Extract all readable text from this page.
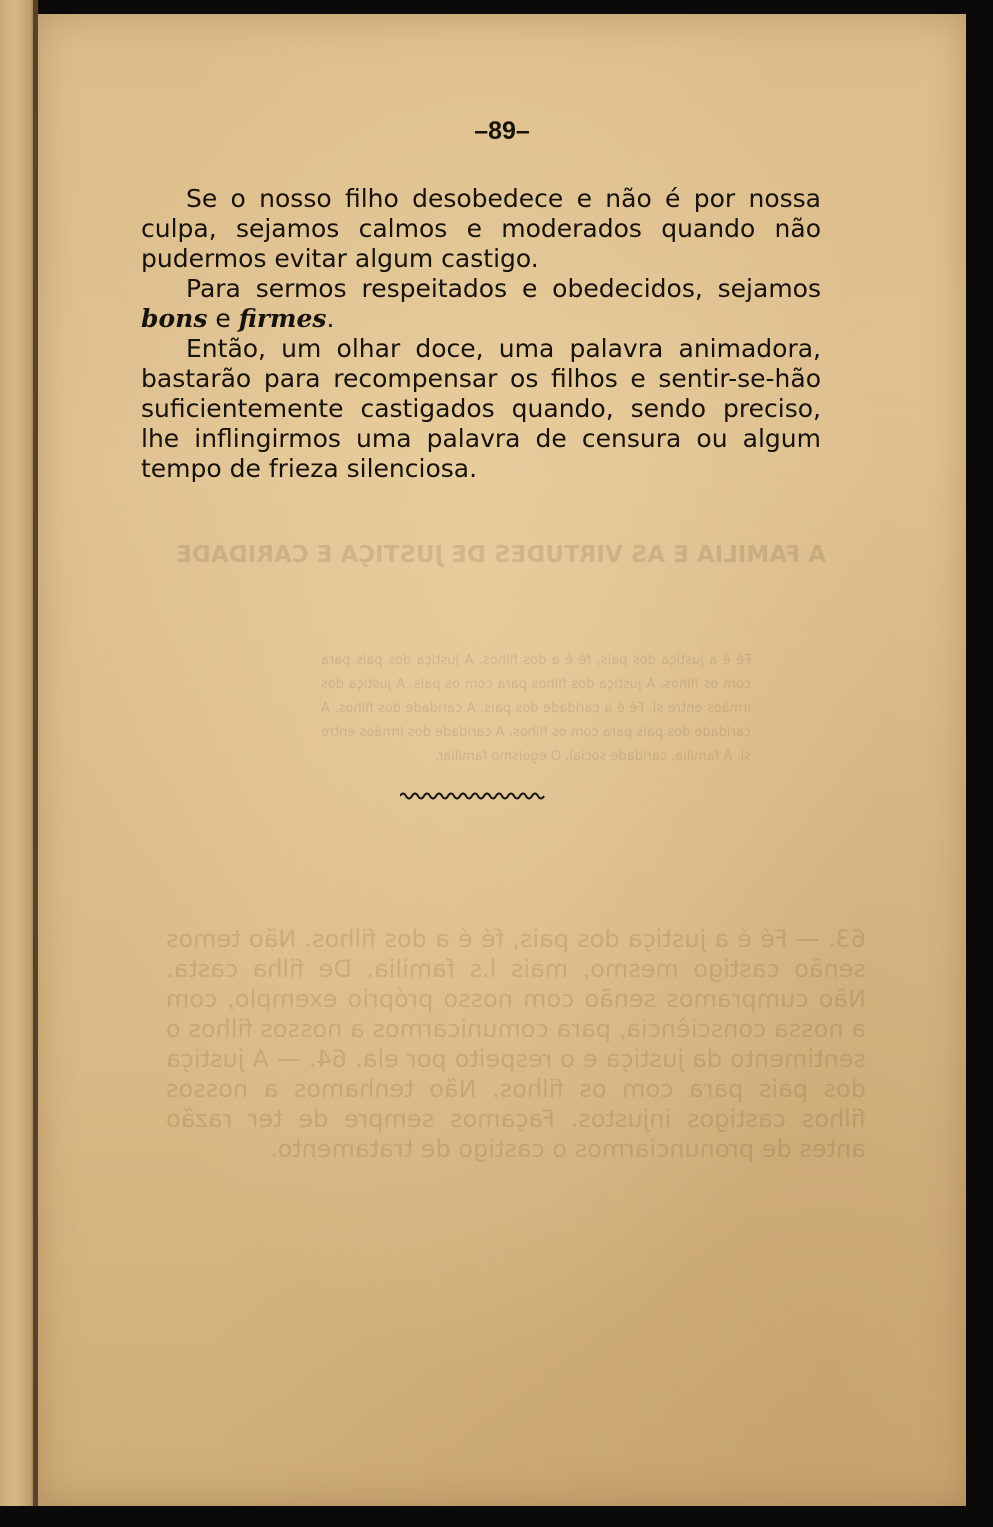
A FAMILIA E AS VIRTUDES DE JUSTIÇA E CARIDADE
Fé é a justiça dos pais, fé é a dos filhos. A justiça dos pais para com os filhos. A justiça dos filhos para com os pais. A justiça dos irmãos entre si. Fé é a caridade dos pais. A caridade dos filhos. A caridade dos pais para com os filhos. A caridade dos irmãos entre si. A família, caridade social. O egoísmo familiar.
63. — Fé é a justiça dos pais, fé é a dos filhos. Não temos senão castigo mesmo, mais l.s familia. De filha casta. Não cumpramos senão com nosso próprio exemplo, com a nossa consciência, para comunicarmos a nossos filhos o sentimento da justiça e o respeito por ela. 64. — A justiça dos pais para com os filhos. Não tenhamos a nossos filhos castigos injustos. Façamos sempre de ter razão antes de pronunciarmos o castigo de tratamento.
–89–

Se o nosso filho desobedece e não é por nossa culpa, sejamos calmos e moderados quando não pudermos evitar algum castigo.

Para sermos respeitados e obedecidos, sejamos bons e firmes.

Então, um olhar doce, uma palavra animadora, bastarão para recompensar os filhos e sentir-se-hão suficientemente castigados quando, sendo preciso, lhe inflingirmos uma palavra de censura ou algum tempo de frieza silenciosa.
